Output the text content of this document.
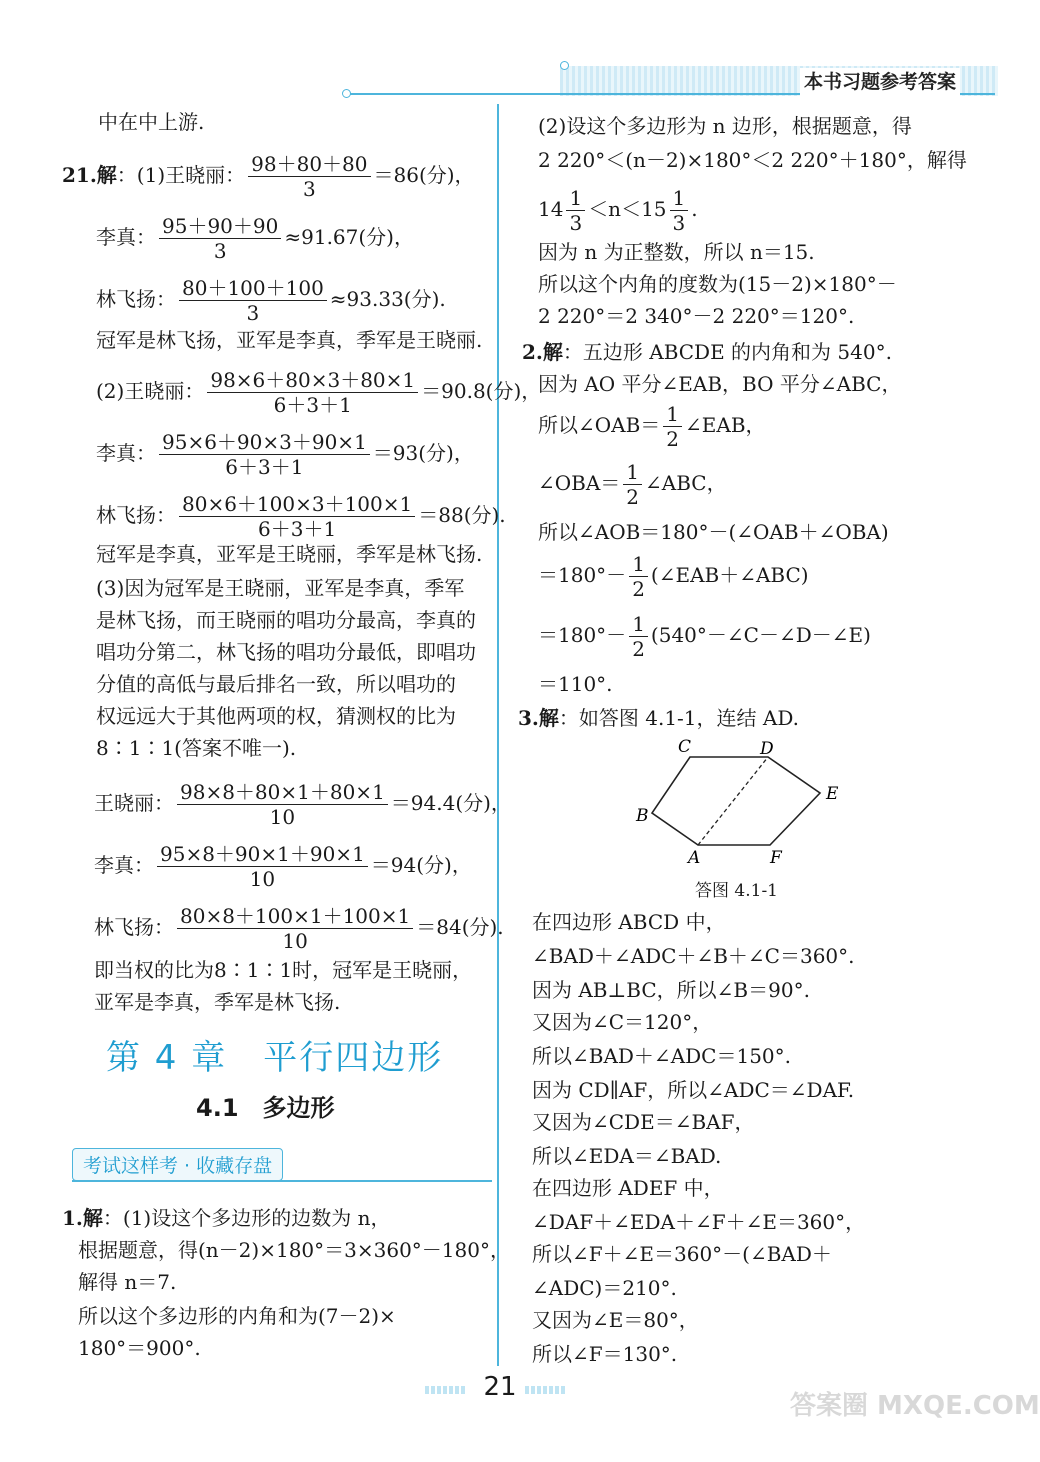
本书习题参考答案
中在中上游.
21.解：(1)王晓丽： $\frac{98+80+80}{3} =86$(分)，
李真： $\frac{95+90+90}{3} \approx 91.67$(分)，
林飞扬： $\frac{80+100+100}{3} \approx 93.33$(分).
冠军是林飞扬，亚军是李真，季军是王晓丽.
(2)王晓丽： $\frac{98\times 6+80\times 3+80\times 1}{6+3+1} =90.8$(分)，
李真： $\frac{95\times 6+90\times 3+90\times 1}{6+3+1} =93$(分)，
林飞扬： $\frac{80\times 6+100\times 3+100\times 1}{6+3+1} =88$(分).
冠军是李真，亚军是王晓丽，季军是林飞扬.
(3)因为冠军是王晓丽，亚军是李真，季军
是林飞扬，而王晓丽的唱功分最高，李真的
唱功分第二，林飞扬的唱功分最低，即唱功
分值的高低与最后排名一致，所以唱功的
权远远大于其他两项的权，猜测权的比为
8∶1∶1(答案不唯一).
王晓丽： $\frac{98\times 8+80\times 1+80\times 1}{10} =94.4$(分)，
李真： $\frac{95\times 8+90\times 1+90\times 1}{10} =94$(分)，
林飞扬： $\frac{80\times 8+100\times 1+100\times 1}{10} =84$(分).
即当权的比为8∶1∶1时，冠军是王晓丽，
亚军是李真，季军是林飞扬.
1.解：(1)设这个多边形的边数为 n，
根据题意，得(n－2)×180°＝3×360°－180°，
解得 n＝7.
所以这个多边形的内角和为(7－2)×
180°＝900°.
第 4 章　平行四边形
4.1　多边形
考试这样考 · 收藏存盘
(2)设这个多边形为 n 边形，根据题意，得
2 220°＜(n－2)×180°＜2 220°＋180°，解得
$14 \frac{1}{3} <n<15 \frac{1}{3}$ .
因为 n 为正整数，所以 n＝15.
所以这个内角的度数为(15－2)×180°－
2 220°＝2 340°－2 220°＝120°.
2.解：五边形 ABCDE 的内角和为 540°.
因为 AO 平分∠EAB，BO 平分∠ABC，
所以∠OAB＝ $\frac{1}{2}$ ∠EAB，
∠OBA＝ $\frac{1}{2}$ ∠ABC，
所以∠AOB＝180°－(∠OAB＋∠OBA)
$=180^\circ- \frac{1}{2}$ (∠EAB＋∠ABC)
$=180^\circ- \frac{1}{2}$ (540°－∠C－∠D－∠E)
＝110°.
3.解：如答图 4.1-1，连结 AD.
在四边形 ABCD 中，
∠BAD＋∠ADC＋∠B＋∠C＝360°.
因为 AB⊥BC，所以∠B＝90°.
又因为∠C＝120°，
所以∠BAD＋∠ADC＝150°.
因为 CD∥AF，所以∠ADC＝∠DAF.
又因为∠CDE＝∠BAF，
所以∠EDA＝∠BAD.
在四边形 ADEF 中，
∠DAF＋∠EDA＋∠F＋∠E＝360°，
所以∠F＋∠E＝360°－(∠BAD＋
∠ADC)＝210°.
又因为∠E＝80°，
所以∠F＝130°.
C	D
E
B
A	F
答图 4.1-1
21
答案圈 MXQE.COM
